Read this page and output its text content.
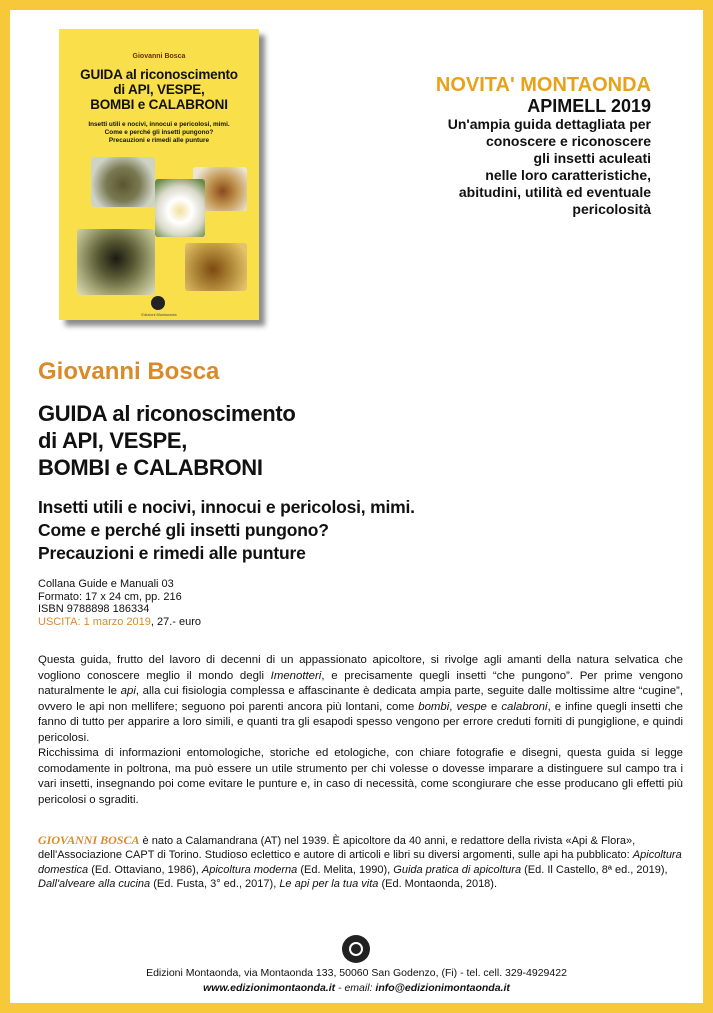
Giovanni Bosca
GUIDA al riconoscimento
di API, VESPE,
BOMBI e CALABRONI
Insetti utili e nocivi, innocui e pericolosi, mimi.
Come e perché gli insetti pungono?
Precauzioni e rimedi alle punture
Edizioni Montaonda
NOVITA' MONTAONDA
APIMELL 2019
Un'ampia guida dettagliata per
conoscere e riconoscere
gli insetti aculeati
nelle loro caratteristiche,
abitudini, utilità ed eventuale
pericolosità
Giovanni Bosca
GUIDA al riconoscimento
di API, VESPE,
BOMBI e CALABRONI
Insetti utili e nocivi, innocui e pericolosi, mimi.
Come e perché gli insetti pungono?
Precauzioni e rimedi alle punture
Collana Guide e Manuali 03
Formato: 17 x 24 cm, pp. 216
ISBN 9788898 186334
USCITA: 1 marzo 2019, 27.- euro
Questa guida, frutto del lavoro di decenni di un appassionato apicoltore, si rivolge agli amanti della natura selvatica che vogliono conoscere meglio il mondo degli Imenotteri, e precisamente quegli insetti “che pungono”. Per prime vengono naturalmente le api, alla cui fisiologia complessa e affascinante è dedicata ampia parte, seguite dalle moltissime altre “cugine”, ovvero le api non mellifere; seguono poi parenti ancora più lontani, come bombi, vespe e calabroni, e infine quegli insetti che fanno di tutto per apparire a loro simili, e quanti tra gli esapodi spesso vengono per errore creduti forniti di pungiglione, e quindi pericolosi.
Ricchissima di informazioni entomologiche, storiche ed etologiche, con chiare fotografie e disegni, questa guida si legge comodamente in poltrona, ma può essere un utile strumento per chi volesse o dovesse imparare a distinguere sul campo tra i vari insetti, insegnando poi come evitare le punture e, in caso di necessità, come scongiurare che esse producano gli effetti più pericolosi o sgraditi.
GIOVANNI BOSCA è nato a Calamandrana (AT) nel 1939. È apicoltore da 40 anni, e redattore della rivista «Api & Flora», dell'Associazione CAPT di Torino. Studioso eclettico e autore di articoli e libri su diversi argomenti, sulle api ha pubblicato: Apicoltura domestica (Ed. Ottaviano, 1986), Apicoltura moderna (Ed. Melita, 1990), Guida pratica di apicoltura (Ed. Il Castello, 8ª ed., 2019), Dall'alveare alla cucina (Ed. Fusta, 3° ed., 2017), Le api per la tua vita (Ed. Montaonda, 2018).
Edizioni Montaonda, via Montaonda 133, 50060 San Godenzo, (Fi) - tel. cell. 329-4929422
www.edizionimontaonda.it - email: info@edizionimontaonda.it
